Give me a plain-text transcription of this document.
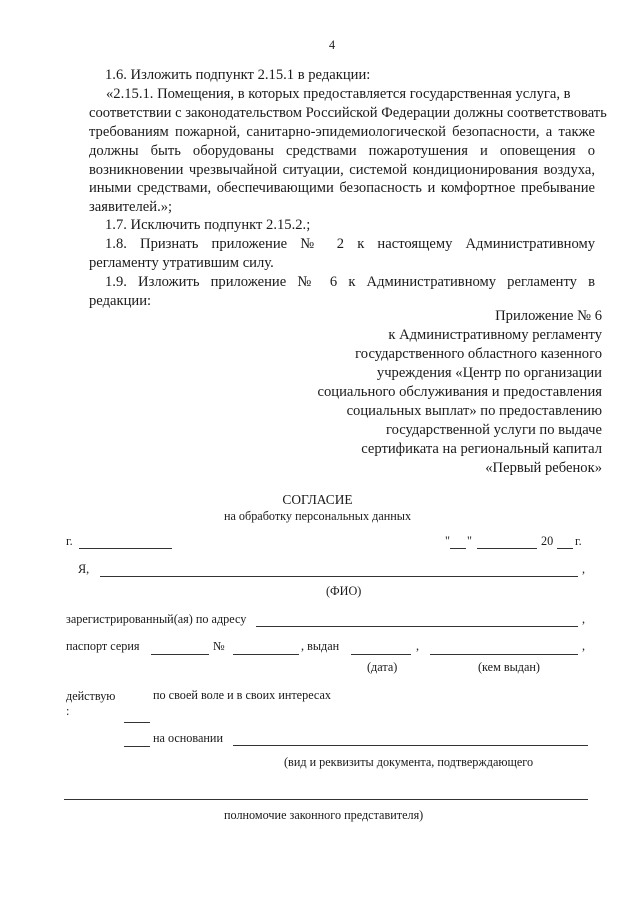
4
1.6. Изложить подпункт 2.15.1 в редакции:
«2.15.1. Помещения, в которых предоставляется государственная услуга, в
соответствии с законодательством Российской Федерации должны соответствовать
требованиям пожарной, санитарно-эпидемиологической безопасности, а также
должны быть оборудованы средствами пожаротушения и оповещения о
возникновении чрезвычайной ситуации, системой кондиционирования воздуха,
иными средствами, обеспечивающими безопасность и комфортное пребывание
заявителей.»;
1.7. Исключить подпункт 2.15.2.;
1.8. Признать приложение № 2 к настоящему Административному
регламенту утратившим силу.
1.9. Изложить приложение № 6 к Административному регламенту в
редакции:
Приложение № 6
к Административному регламенту
государственного областного казенного
учреждения «Центр по организации
социального обслуживания и предоставления
социальных выплат» по предоставлению
государственной услуги по выдаче
сертификата на региональный капитал
«Первый ребенок»
СОГЛАСИЕ
на обработку персональных данных
г.	" "	20 г.
Я,	,
(ФИО)
зарегистрированный(ая) по адресу	,
паспорт серия	№	, выдан	,	,
(дата)	(кем выдан)
действую
:
по своей воле и в своих интересах
на основании
(вид и реквизиты документа, подтверждающего
полномочие законного представителя)
